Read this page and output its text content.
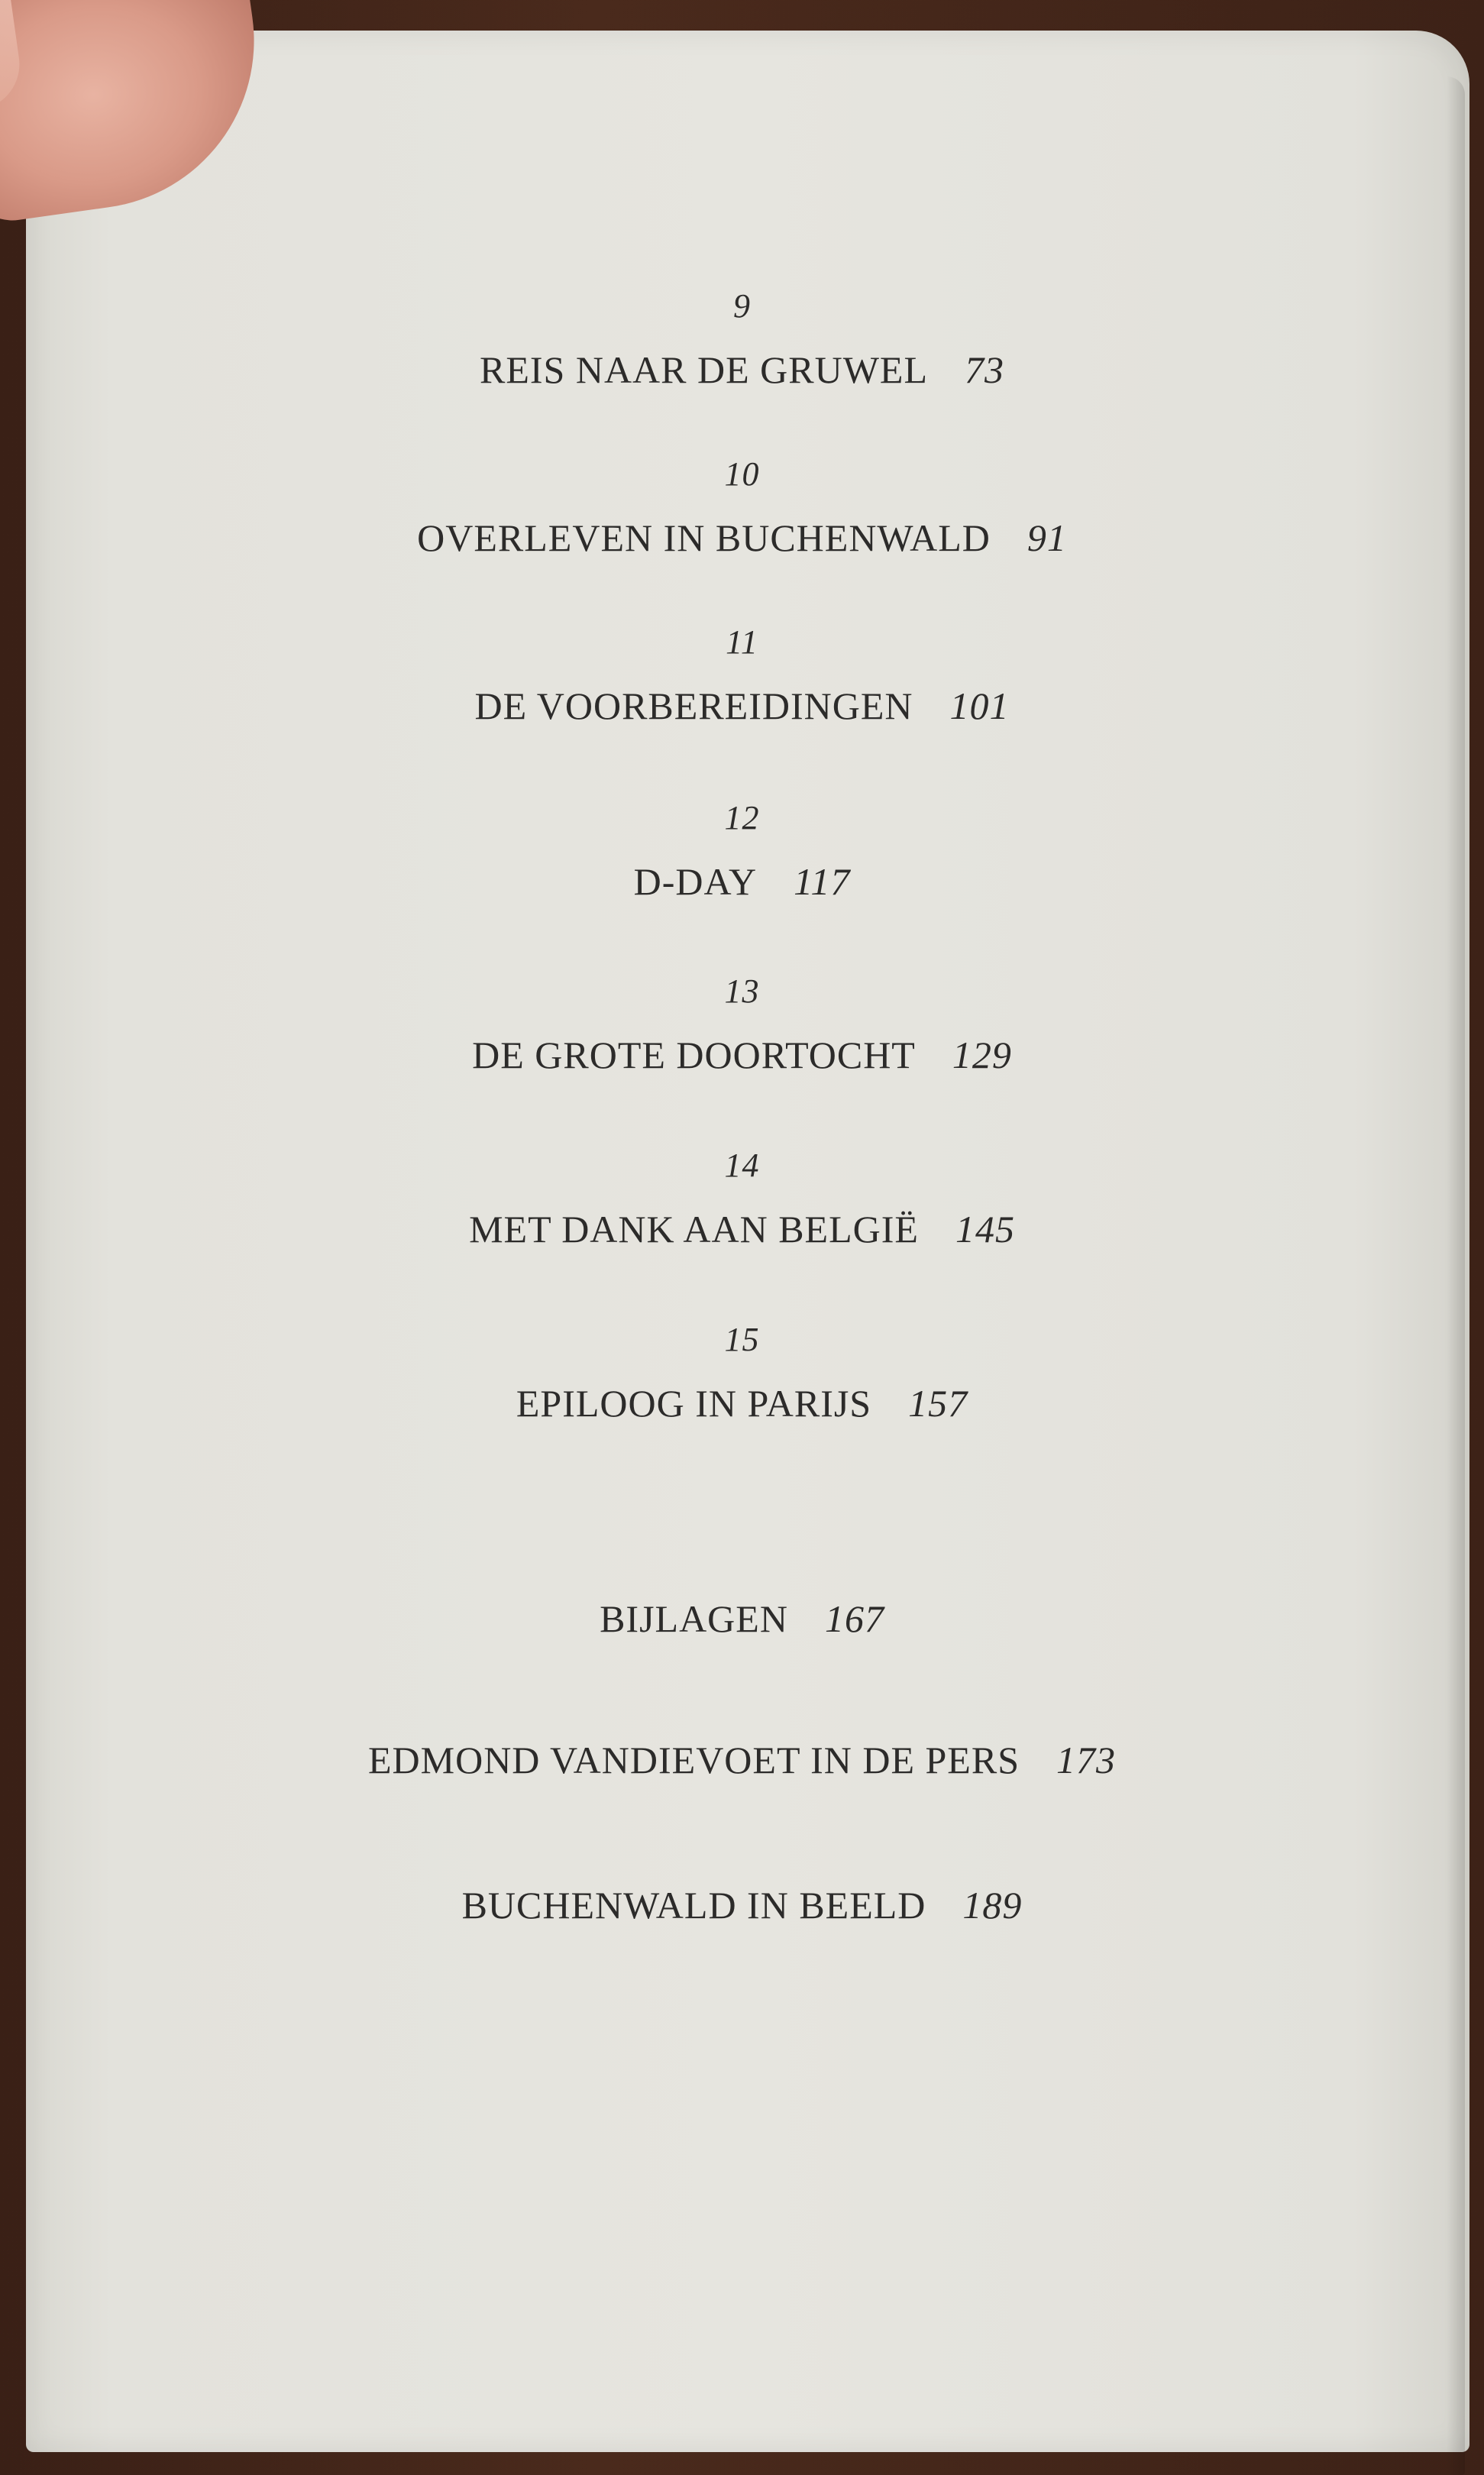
9
REIS NAAR DE GRUWEL 73
10
OVERLEVEN IN BUCHENWALD 91
11
DE VOORBEREIDINGEN 101
12
D-DAY 117
13
DE GROTE DOORTOCHT 129
14
MET DANK AAN BELGIË 145
15
EPILOOG IN PARIJS 157
BIJLAGEN 167
EDMOND VANDIEVOET IN DE PERS 173
BUCHENWALD IN BEELD 189
